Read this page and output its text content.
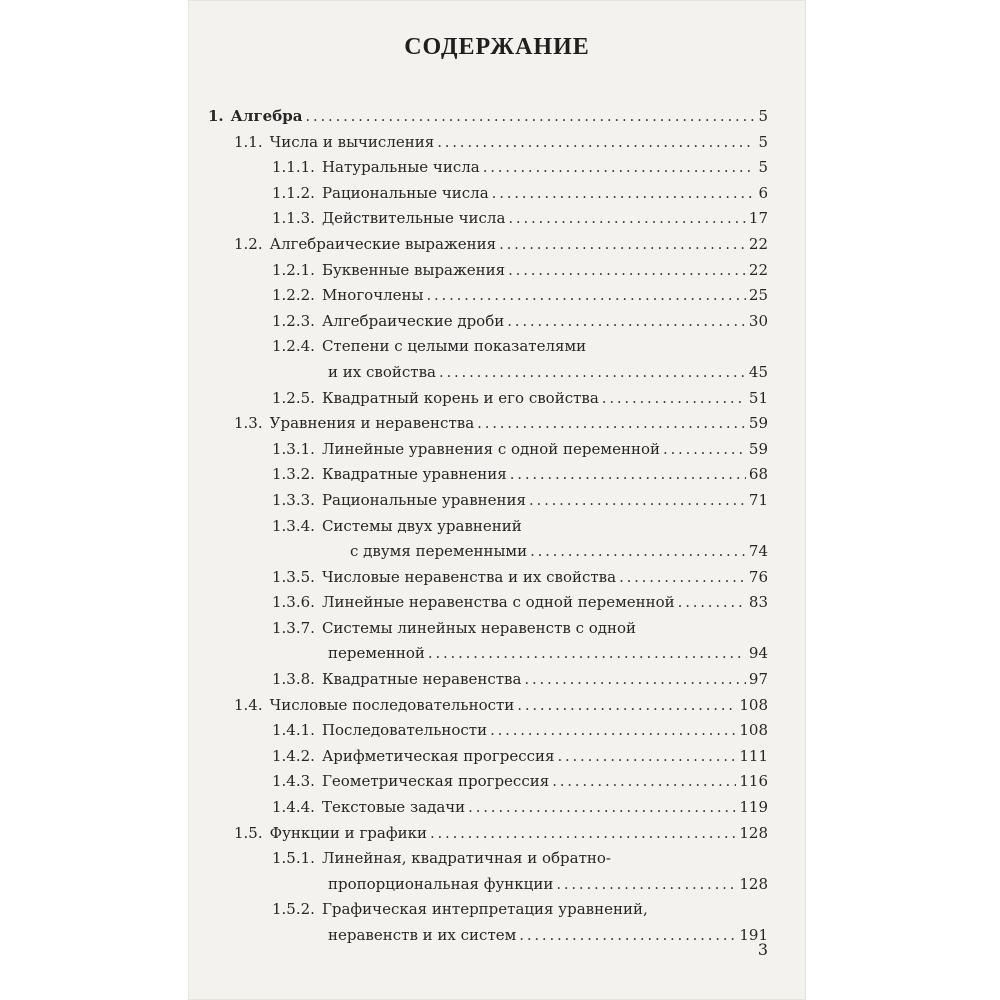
СОДЕРЖАНИЕ
1. Алгебра . . .	5
1.1. Числа и вычисления . . .	5
1.1.1. Натуральные числа . . .	5
1.1.2. Рациональные числа . . .	6
1.1.3. Действительные числа . . .	17
1.2. Алгебраические выражения . . .	22
1.2.1. Буквенные выражения . . .	22
1.2.2. Многочлены . . .	25
1.2.3. Алгебраические дроби . . .	30
1.2.4. Степени с целыми показателями
и их свойства . . .	45
1.2.5. Квадратный корень и его свойства . . .	51
1.3. Уравнения и неравенства . . .	59
1.3.1. Линейные уравнения с одной переменной . . .	59
1.3.2. Квадратные уравнения . . .	68
1.3.3. Рациональные уравнения . . .	71
1.3.4. Системы двух уравнений
с двумя переменными . . .	74
1.3.5. Числовые неравенства и их свойства . . .	76
1.3.6. Линейные неравенства с одной переменной . . .	83
1.3.7. Системы линейных неравенств с одной
переменной . . .	94
1.3.8. Квадратные неравенства . . .	97
1.4. Числовые последовательности . . .	108
1.4.1. Последовательности . . .	108
1.4.2. Арифметическая прогрессия . . .	111
1.4.3. Геометрическая прогрессия . . .	116
1.4.4. Текстовые задачи . . .	119
1.5. Функции и графики . . .	128
1.5.1. Линейная, квадратичная и обратно-
пропорциональная функции . . .	128
1.5.2. Графическая интерпретация уравнений,
неравенств и их систем . . .	191
3
